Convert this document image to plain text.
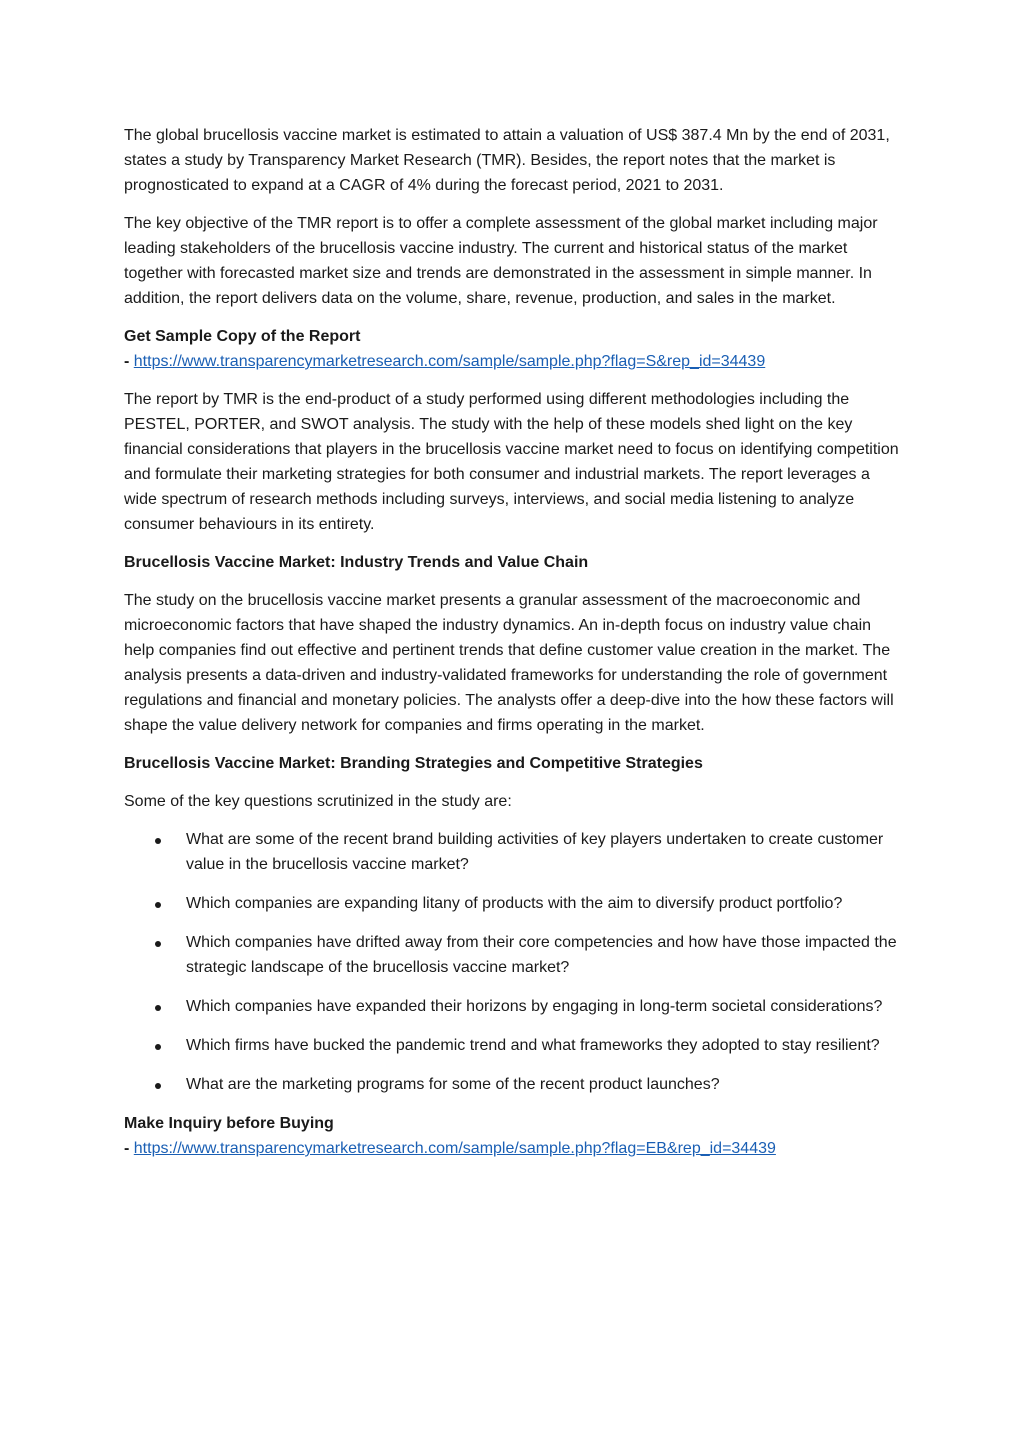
The global brucellosis vaccine market is estimated to attain a valuation of US$ 387.4 Mn by the end of 2031, states a study by Transparency Market Research (TMR). Besides, the report notes that the market is prognosticated to expand at a CAGR of 4% during the forecast period, 2021 to 2031.

The key objective of the TMR report is to offer a complete assessment of the global market including major leading stakeholders of the brucellosis vaccine industry. The current and historical status of the market together with forecasted market size and trends are demonstrated in the assessment in simple manner. In addition, the report delivers data on the volume, share, revenue, production, and sales in the market.

Get Sample Copy of the Report
- https://www.transparencymarketresearch.com/sample/sample.php?flag=S&rep_id=34439

The report by TMR is the end-product of a study performed using different methodologies including the PESTEL, PORTER, and SWOT analysis. The study with the help of these models shed light on the key financial considerations that players in the brucellosis vaccine market need to focus on identifying competition and formulate their marketing strategies for both consumer and industrial markets. The report leverages a wide spectrum of research methods including surveys, interviews, and social media listening to analyze consumer behaviours in its entirety.

Brucellosis Vaccine Market: Industry Trends and Value Chain

The study on the brucellosis vaccine market presents a granular assessment of the macroeconomic and microeconomic factors that have shaped the industry dynamics. An in-depth focus on industry value chain help companies find out effective and pertinent trends that define customer value creation in the market. The analysis presents a data-driven and industry-validated frameworks for understanding the role of government regulations and financial and monetary policies. The analysts offer a deep-dive into the how these factors will shape the value delivery network for companies and firms operating in the market.

Brucellosis Vaccine Market: Branding Strategies and Competitive Strategies

Some of the key questions scrutinized in the study are:

What are some of the recent brand building activities of key players undertaken to create customer value in the brucellosis vaccine market?
Which companies are expanding litany of products with the aim to diversify product portfolio?
Which companies have drifted away from their core competencies and how have those impacted the strategic landscape of the brucellosis vaccine market?
Which companies have expanded their horizons by engaging in long-term societal considerations?
Which firms have bucked the pandemic trend and what frameworks they adopted to stay resilient?
What are the marketing programs for some of the recent product launches?
Make Inquiry before Buying
- https://www.transparencymarketresearch.com/sample/sample.php?flag=EB&rep_id=34439
